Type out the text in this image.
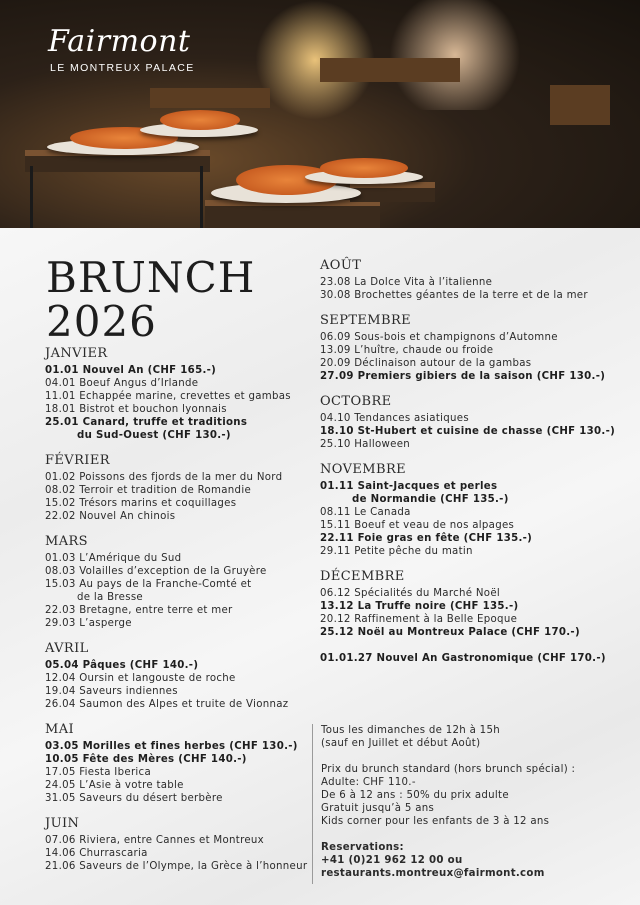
Fairmont
LE MONTREUX PALACE
BRUNCH
2026
JANVIER
01.01 Nouvel An (CHF 165.-)
04.01 Boeuf Angus d’Irlande
11.01 Echappée marine, crevettes et gambas
18.01 Bistrot et bouchon lyonnais
25.01 Canard, truffe et traditions
du Sud-Ouest (CHF 130.-)
FÉVRIER
01.02 Poissons des fjords de la mer du Nord
08.02 Terroir et tradition de Romandie
15.02 Trésors marins et coquillages
22.02 Nouvel An chinois
MARS
01.03 L’Amérique du Sud
08.03 Volailles d’exception de la Gruyère
15.03 Au pays de la Franche-Comté et
de la Bresse
22.03 Bretagne, entre terre et mer
29.03 L’asperge
AVRIL
05.04 Pâques (CHF 140.-)
12.04 Oursin et langouste de roche
19.04 Saveurs indiennes
26.04 Saumon des Alpes et truite de Vionnaz
MAI
03.05 Morilles et fines herbes (CHF 130.-)
10.05 Fête des Mères (CHF 140.-)
17.05 Fiesta Iberica
24.05 L’Asie à votre table
31.05 Saveurs du désert berbère
JUIN
07.06 Riviera, entre Cannes et Montreux
14.06 Churrascaria
21.06 Saveurs de l’Olympe, la Grèce à l’honneur
AOÛT
23.08 La Dolce Vita à l’italienne
30.08 Brochettes géantes de la terre et de la mer
SEPTEMBRE
06.09 Sous-bois et champignons d’Automne
13.09 L’huître, chaude ou froide
20.09 Déclinaison autour de la gambas
27.09 Premiers gibiers de la saison (CHF 130.-)
OCTOBRE
04.10 Tendances asiatiques
18.10 St-Hubert et cuisine de chasse (CHF 130.-)
25.10 Halloween
NOVEMBRE
01.11 Saint-Jacques et perles
de Normandie (CHF 135.-)
08.11 Le Canada
15.11 Boeuf et veau de nos alpages
22.11 Foie gras en fête (CHF 135.-)
29.11 Petite pêche du matin
DÉCEMBRE
06.12 Spécialités du Marché Noël
13.12 La Truffe noire (CHF 135.-)
20.12 Raffinement à la Belle Epoque
25.12 Noël au Montreux Palace (CHF 170.-)
01.01.27 Nouvel An Gastronomique (CHF 170.-)

Tous les dimanches de 12h à 15h

(sauf en Juillet et début Août)

Prix du brunch standard (hors brunch spécial) :

Adulte: CHF 110.-

De 6 à 12 ans : 50% du prix adulte

Gratuit jusqu’à 5 ans

Kids corner pour les enfants de 3 à 12 ans

Reservations:

+41 (0)21 962 12 00 ou

restaurants.montreux@fairmont.com
